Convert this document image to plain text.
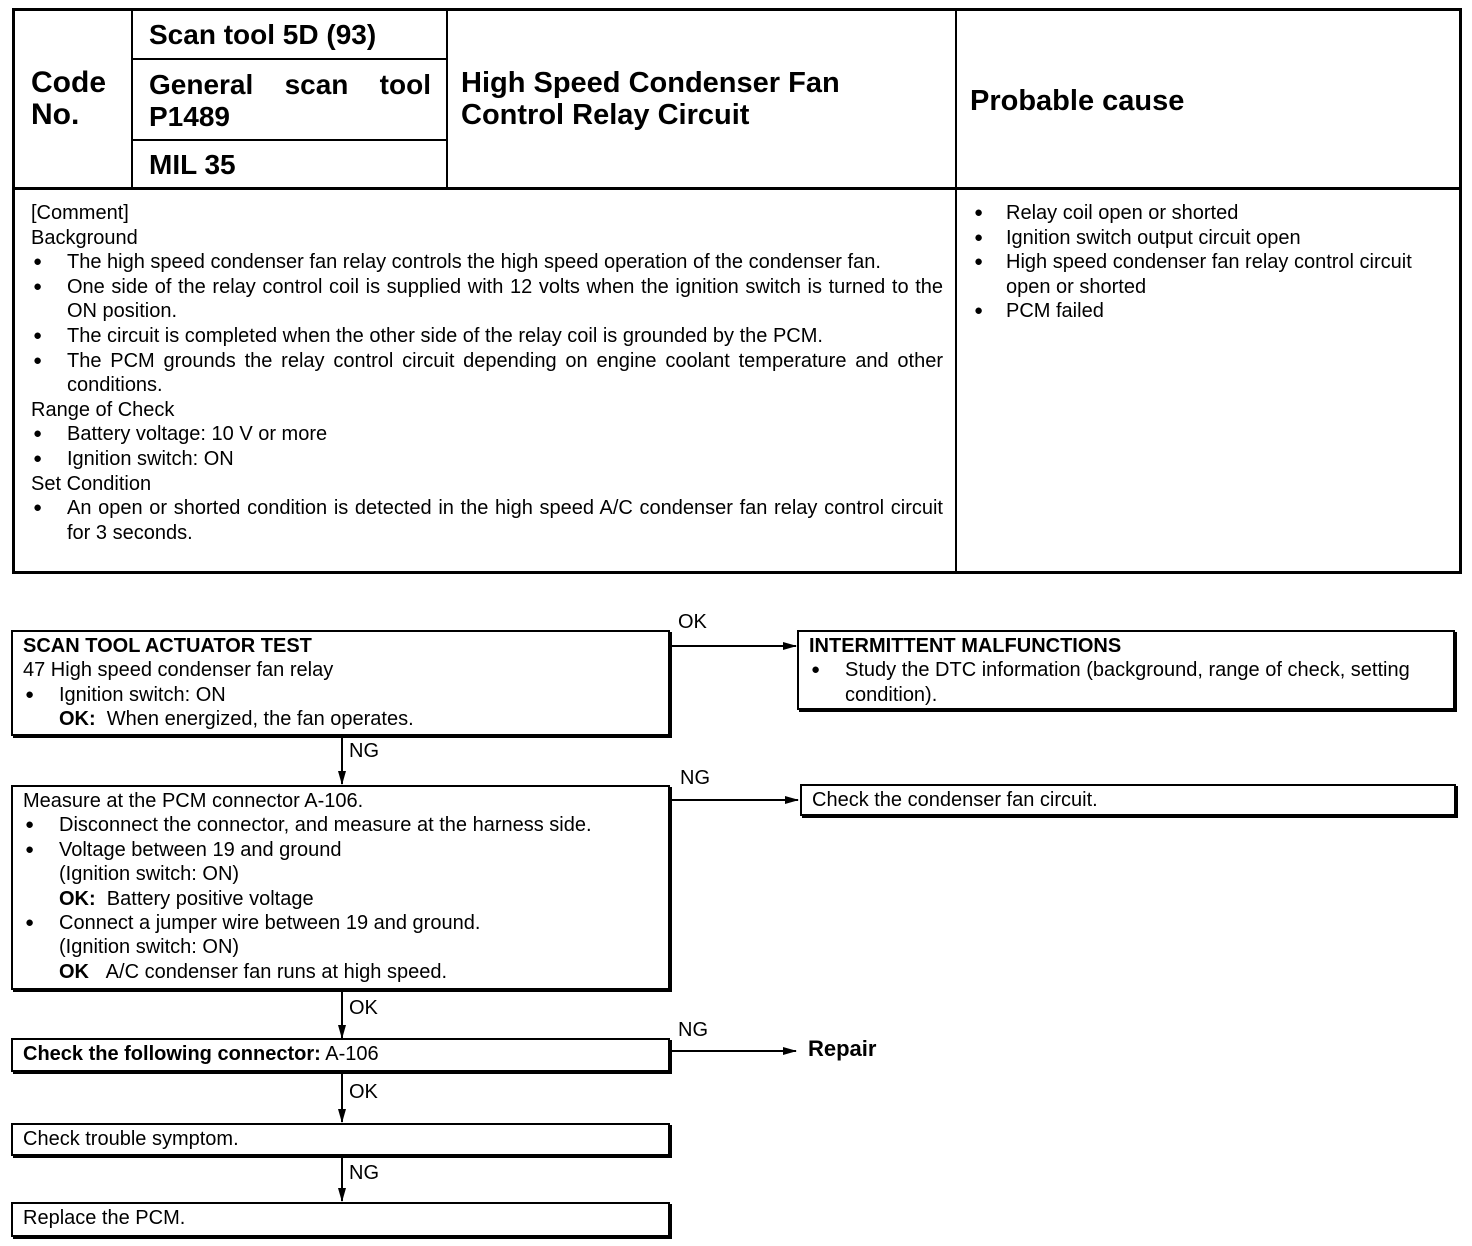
Code
No.
Scan tool 5D (93)
General scan tool
P1489
MIL 35
High Speed Condenser Fan
Control Relay Circuit	Probable cause
[Comment]
Background
● The high speed condenser fan relay controls the high speed operation of the condenser fan.
● One side of the relay control coil is supplied with 12 volts when the ignition switch is turned to the ON position.
● The circuit is completed when the other side of the relay coil is grounded by the PCM.
● The PCM grounds the relay control circuit depending on engine coolant temperature and other conditions.
Range of Check
● Battery voltage: 10 V or more
● Ignition switch: ON
Set Condition
● An open or shorted condition is detected in the high speed A/C condenser fan relay control circuit for 3 seconds.
● Relay coil open or shorted
● Ignition switch output circuit open
● High speed condenser fan relay control circuit open or shorted
● PCM failed
OK
NG
NG
OK
NG
OK
NG
SCAN TOOL ACTUATOR TEST
47 High speed condenser fan relay
● Ignition switch: ON
OK: When energized, the fan operates.
INTERMITTENT MALFUNCTIONS
● Study the DTC information (background, range of check, setting condition).
Measure at the PCM connector A-106.
● Disconnect the connector, and measure at the harness side.
● Voltage between 19 and ground
(Ignition switch: ON)
OK: Battery positive voltage
● Connect a jumper wire between 19 and ground.
(Ignition switch: ON)
OK A/C condenser fan runs at high speed.
Check the condenser fan circuit.
Check the following connector: A-106	Repair
Check trouble symptom.
Replace the PCM.
